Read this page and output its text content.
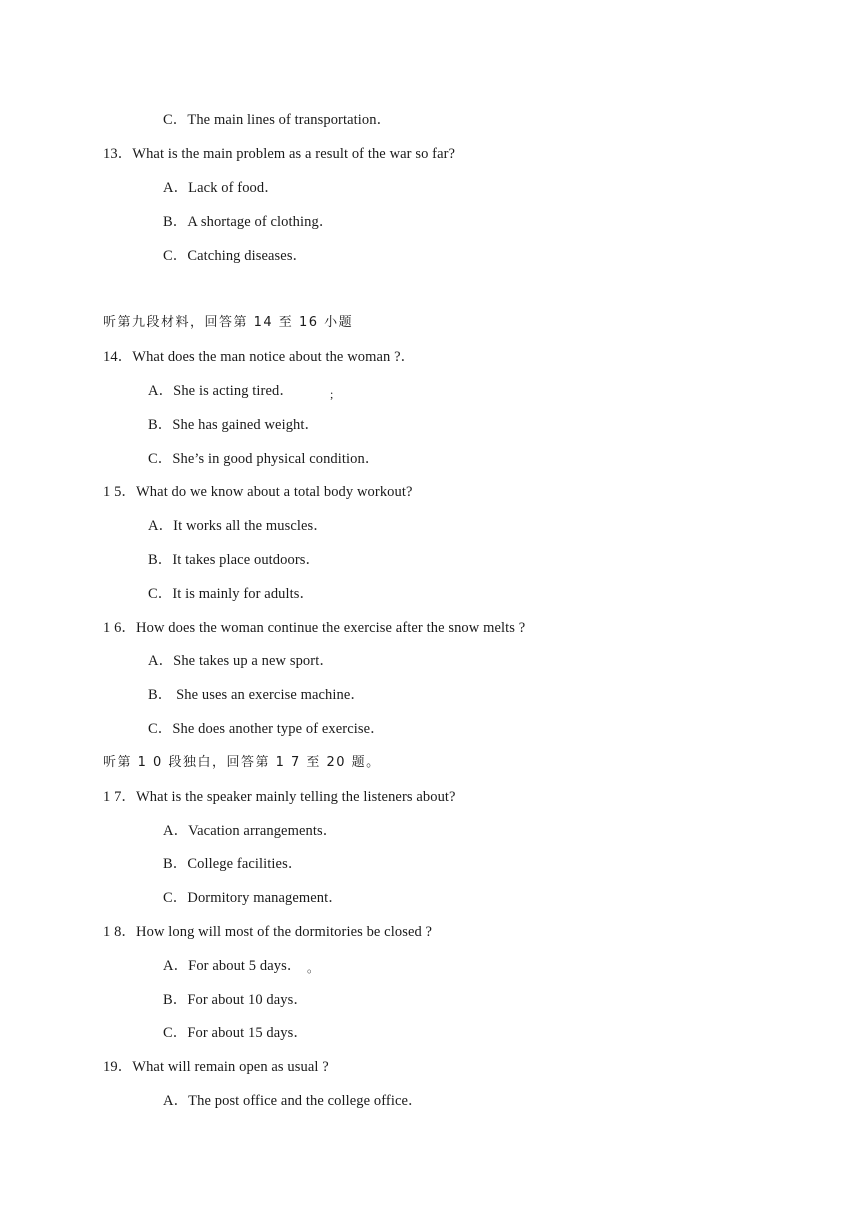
C．The main lines of transportation．
13．What is the main problem as a result of the war so far?
A．Lack of food．
B．A shortage of clothing．
C．Catching diseases．
听第九段材料，回答第 14 至 16 小题
14．What does the man notice about the woman ?．
A．She is acting tired．	;
B．She has gained weight．
C．She’s in good physical condition．
1 5．What do we know about a total body workout?
A．It works all the muscles．
B．It takes place outdoors．
C．It is mainly for adults．
1 6．How does the woman continue the exercise after the snow melts ?
A．She takes up a new sport．
B． She uses an exercise machine．
C．She does another type of exercise．
听第 1 0 段独白，回答第 1 7 至 20 题。
1 7．What is the speaker mainly telling the listeners about?
A．Vacation arrangements．
B．College facilities．
C．Dormitory management．
1 8．How long will most of the dormitories be closed ?
A．For about 5 days． 。
B．For about 10 days．
C．For about 15 days．
19．What will remain open as usual ?
A．The post office and the college office．
